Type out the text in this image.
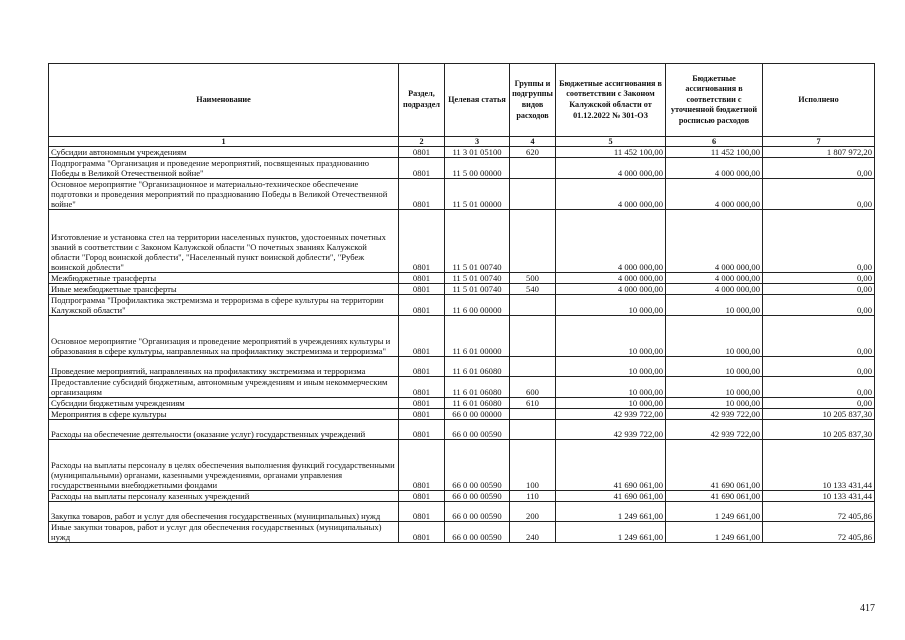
Наименование	Раздел, подраздел	Целевая статья	Группы и подгруппы видов расходов	Бюджетные ассигнования в соответствии с Законом Калужской области от 01.12.2022 № 301-ОЗ	Бюджетные ассигнования в соответствии с уточненной бюджетной росписью расходов	Исполнено
1	2	3	4	5	6	7
Субсидии автономным учреждениям	0801	11 3 01 05100	620	11 452 100,00	11 452 100,00	1 807 972,20
Подпрограмма "Организация и проведение мероприятий, посвященных празднованию Победы в Великой Отечественной войне"	0801	11 5 00 00000		4 000 000,00	4 000 000,00	0,00
Основное мероприятие "Организационное и материально-техническое обеспечение подготовки и проведения мероприятий по празднованию Победы в Великой Отечественной войне"	0801	11 5 01 00000		4 000 000,00	4 000 000,00	0,00
Изготовление и установка стел на территории населенных пунктов, удостоенных почетных званий в соответствии с Законом Калужской области "О почетных званиях Калужской области "Город воинской доблести", "Населенный пункт воинской доблести", "Рубеж воинской доблести"	0801	11 5 01 00740		4 000 000,00	4 000 000,00	0,00
Межбюджетные трансферты	0801	11 5 01 00740	500	4 000 000,00	4 000 000,00	0,00
Иные межбюджетные трансферты	0801	11 5 01 00740	540	4 000 000,00	4 000 000,00	0,00
Подпрограмма "Профилактика экстремизма и терроризма в сфере культуры на территории Калужской области"	0801	11 6 00 00000		10 000,00	10 000,00	0,00
Основное мероприятие "Организация и проведение мероприятий в учреждениях культуры и образования в сфере культуры, направленных на профилактику экстремизма и терроризма"	0801	11 6 01 00000		10 000,00	10 000,00	0,00
Проведение мероприятий, направленных на профилактику экстремизма и терроризма	0801	11 6 01 06080		10 000,00	10 000,00	0,00
Предоставление субсидий бюджетным, автономным учреждениям и иным некоммерческим организациям	0801	11 6 01 06080	600	10 000,00	10 000,00	0,00
Субсидии бюджетным учреждениям	0801	11 6 01 06080	610	10 000,00	10 000,00	0,00
Мероприятия в сфере культуры	0801	66 0 00 00000		42 939 722,00	42 939 722,00	10 205 837,30
Расходы на обеспечение деятельности (оказание услуг) государственных учреждений	0801	66 0 00 00590		42 939 722,00	42 939 722,00	10 205 837,30
Расходы на выплаты персоналу в целях обеспечения выполнения функций государственными (муниципальными) органами, казенными учреждениями, органами управления государственными внебюджетными фондами	0801	66 0 00 00590	100	41 690 061,00	41 690 061,00	10 133 431,44
Расходы на выплаты персоналу казенных учреждений	0801	66 0 00 00590	110	41 690 061,00	41 690 061,00	10 133 431,44
Закупка товаров, работ и услуг для обеспечения государственных (муниципальных) нужд	0801	66 0 00 00590	200	1 249 661,00	1 249 661,00	72 405,86
Иные закупки товаров, работ и услуг для обеспечения государственных (муниципальных) нужд	0801	66 0 00 00590	240	1 249 661,00	1 249 661,00	72 405,86
417
